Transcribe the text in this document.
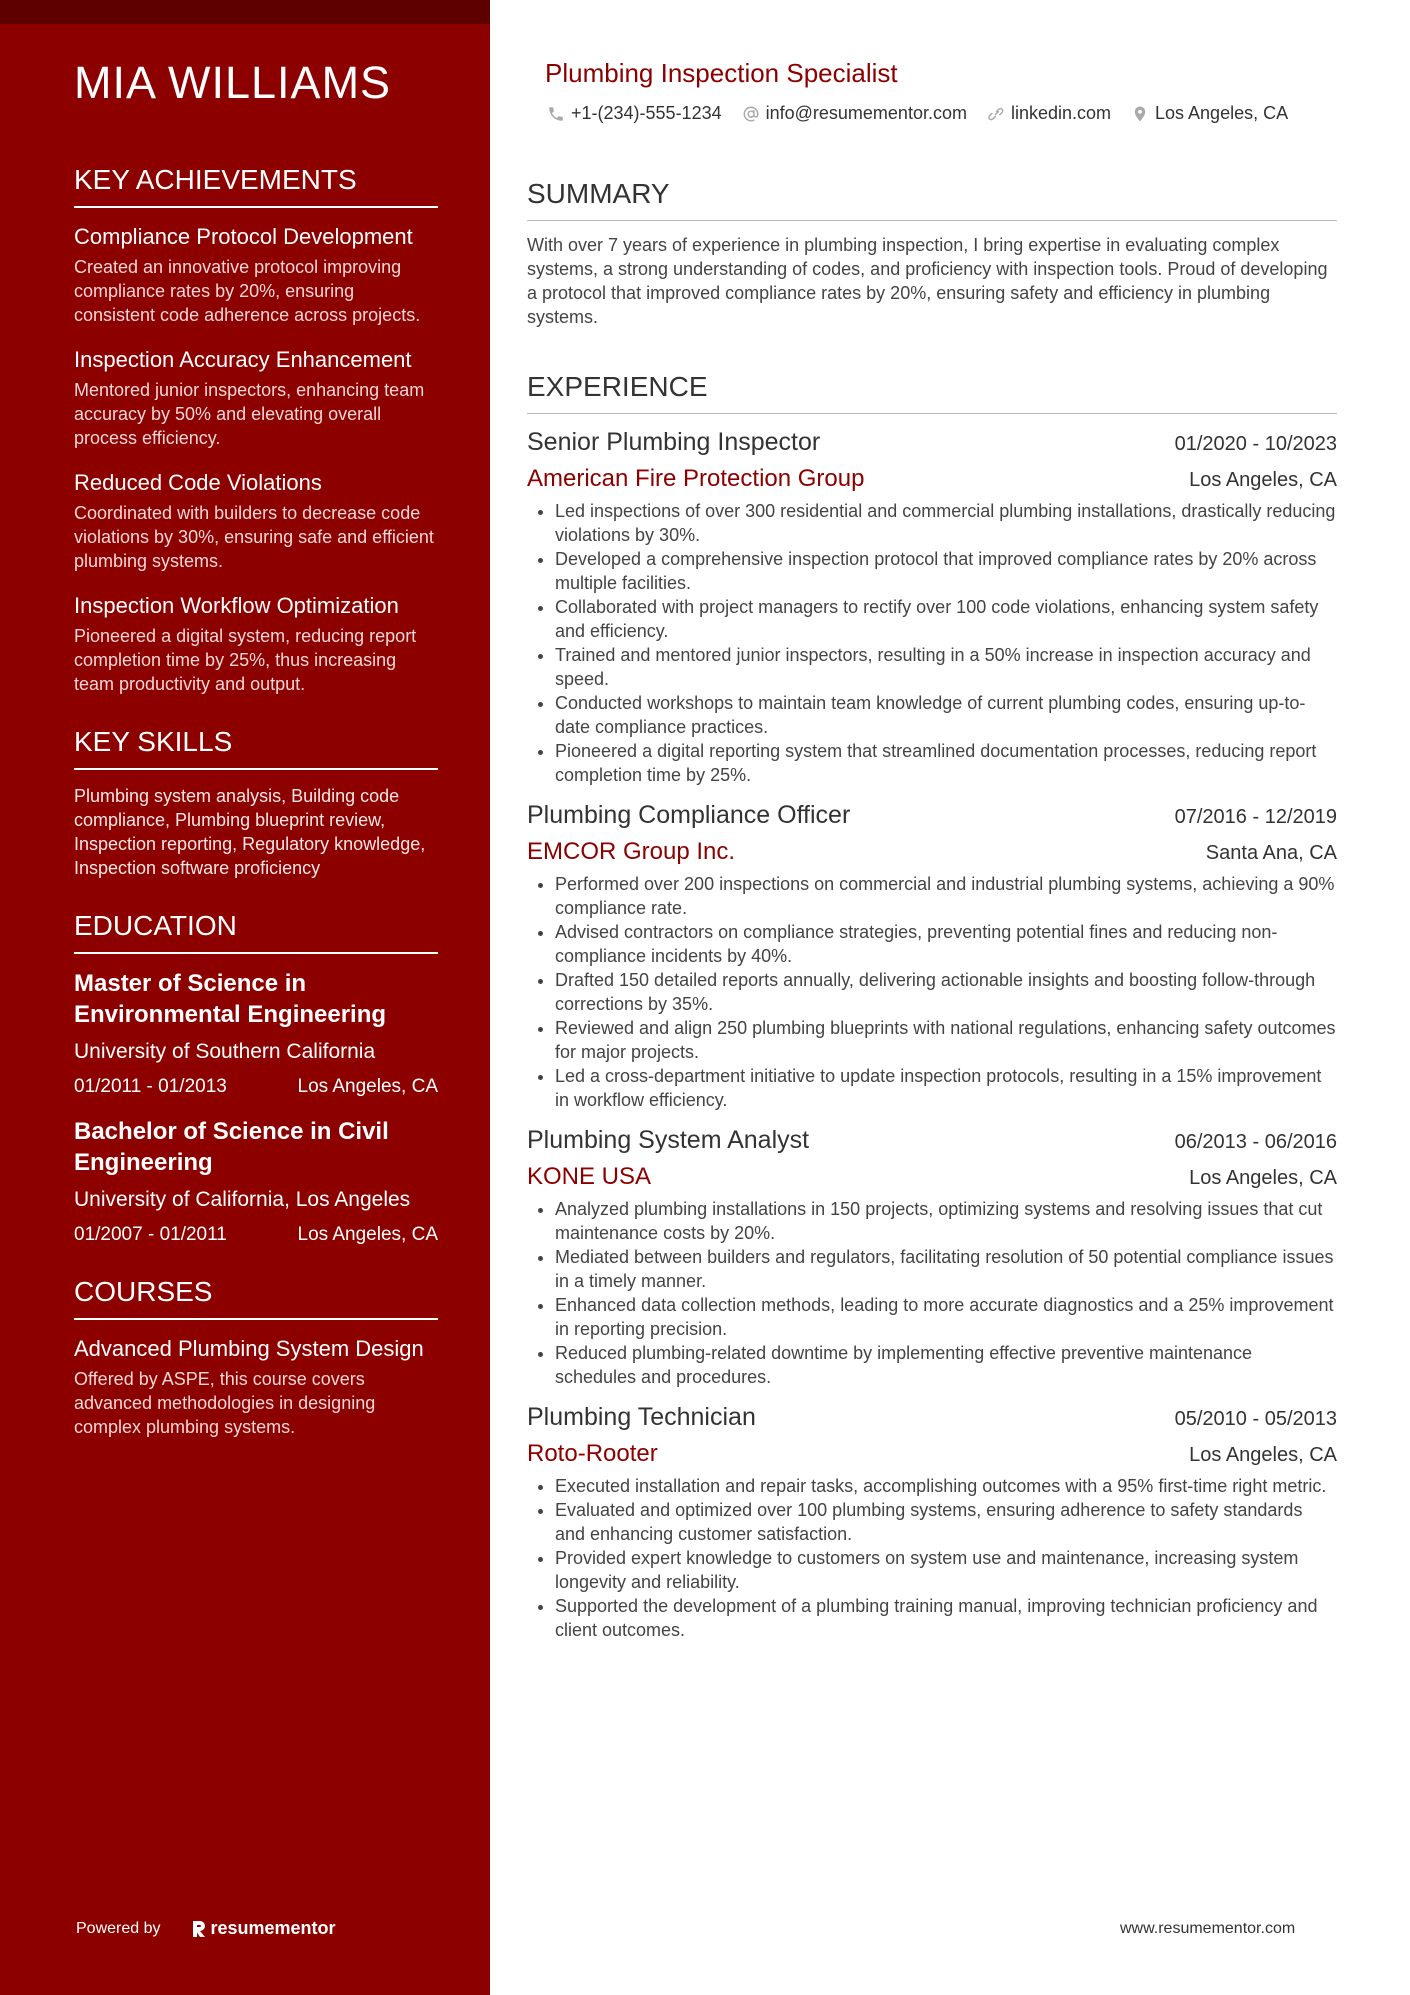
MIA WILLIAMS
KEY ACHIEVEMENTS
Compliance Protocol Development
Created an innovative protocol improving compliance rates by 20%, ensuring consistent code adherence across projects.
Inspection Accuracy Enhancement
Mentored junior inspectors, enhancing team accuracy by 50% and elevating overall process efficiency.
Reduced Code Violations
Coordinated with builders to decrease code violations by 30%, ensuring safe and efficient plumbing systems.
Inspection Workflow Optimization
Pioneered a digital system, reducing report completion time by 25%, thus increasing team productivity and output.
KEY SKILLS
Plumbing system analysis, Building code compliance, Plumbing blueprint review, Inspection reporting, Regulatory knowledge, Inspection software proficiency
EDUCATION
Master of Science in Environmental Engineering
University of Southern California
01/2011 - 01/2013	Los Angeles, CA
Bachelor of Science in Civil Engineering
University of California, Los Angeles
01/2007 - 01/2011	Los Angeles, CA
COURSES
Advanced Plumbing System Design
Offered by ASPE, this course covers advanced methodologies in designing complex plumbing systems.
Powered by	resumementor
Plumbing Inspection Specialist
+1-(234)-555-1234 info@resumementor.com linkedin.com Los Angeles, CA
SUMMARY
With over 7 years of experience in plumbing inspection, I bring expertise in evaluating complex systems, a strong understanding of codes, and proficiency with inspection tools. Proud of developing a protocol that improved compliance rates by 20%, ensuring safety and efficiency in plumbing systems.
EXPERIENCE
Senior Plumbing Inspector	01/2020 - 10/2023
American Fire Protection Group	Los Angeles, CA
• Led inspections of over 300 residential and commercial plumbing installations, drastically reducing violations by 30%.
• Developed a comprehensive inspection protocol that improved compliance rates by 20% across multiple facilities.
• Collaborated with project managers to rectify over 100 code violations, enhancing system safety and efficiency.
• Trained and mentored junior inspectors, resulting in a 50% increase in inspection accuracy and speed.
• Conducted workshops to maintain team knowledge of current plumbing codes, ensuring up-to-date compliance practices.
• Pioneered a digital reporting system that streamlined documentation processes, reducing report completion time by 25%.
Plumbing Compliance Officer	07/2016 - 12/2019
EMCOR Group Inc.	Santa Ana, CA
• Performed over 200 inspections on commercial and industrial plumbing systems, achieving a 90% compliance rate.
• Advised contractors on compliance strategies, preventing potential fines and reducing non-compliance incidents by 40%.
• Drafted 150 detailed reports annually, delivering actionable insights and boosting follow-through corrections by 35%.
• Reviewed and align 250 plumbing blueprints with national regulations, enhancing safety outcomes for major projects.
• Led a cross-department initiative to update inspection protocols, resulting in a 15% improvement in workflow efficiency.
Plumbing System Analyst	06/2013 - 06/2016
KONE USA	Los Angeles, CA
• Analyzed plumbing installations in 150 projects, optimizing systems and resolving issues that cut maintenance costs by 20%.
• Mediated between builders and regulators, facilitating resolution of 50 potential compliance issues in a timely manner.
• Enhanced data collection methods, leading to more accurate diagnostics and a 25% improvement in reporting precision.
• Reduced plumbing-related downtime by implementing effective preventive maintenance schedules and procedures.
Plumbing Technician	05/2010 - 05/2013
Roto-Rooter	Los Angeles, CA
• Executed installation and repair tasks, accomplishing outcomes with a 95% first-time right metric.
• Evaluated and optimized over 100 plumbing systems, ensuring adherence to safety standards and enhancing customer satisfaction.
• Provided expert knowledge to customers on system use and maintenance, increasing system longevity and reliability.
• Supported the development of a plumbing training manual, improving technician proficiency and client outcomes.
www.resumementor.com
